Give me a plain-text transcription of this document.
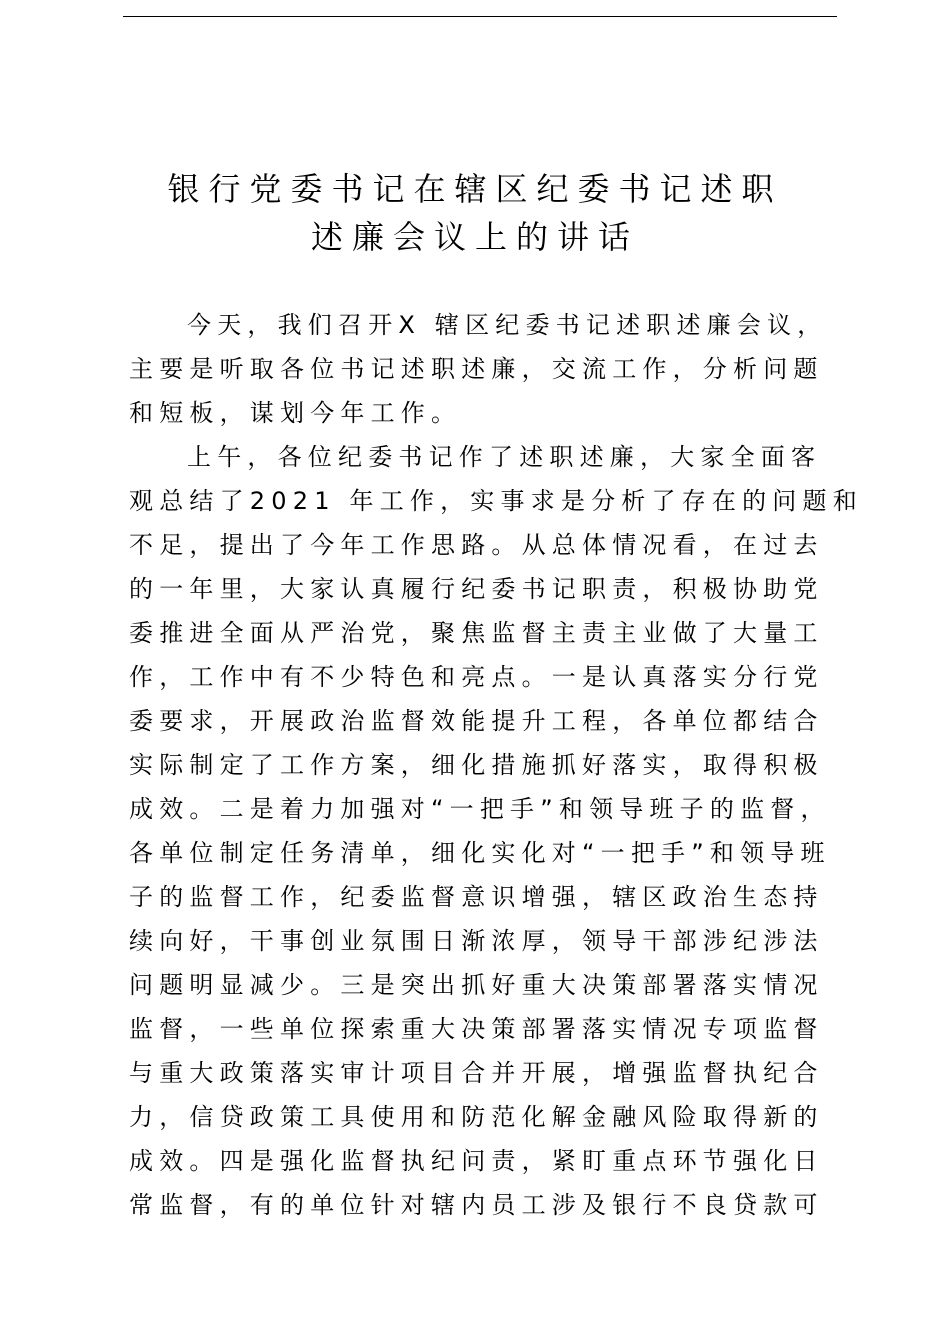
银行党委书记在辖区纪委书记述职
述廉会议上的讲话
今天，我们召开X 辖区纪委书记述职述廉会议，
主要是听取各位书记述职述廉，交流工作，分析问题
和短板，谋划今年工作。
上午，各位纪委书记作了述职述廉，大家全面客
观总结了2021 年工作，实事求是分析了存在的问题和
不足，提出了今年工作思路。从总体情况看，在过去
的一年里，大家认真履行纪委书记职责，积极协助党
委推进全面从严治党，聚焦监督主责主业做了大量工
作，工作中有不少特色和亮点。一是认真落实分行党
委要求，开展政治监督效能提升工程，各单位都结合
实际制定了工作方案，细化措施抓好落实，取得积极
成效。二是着力加强对“一把手”和领导班子的监督，
各单位制定任务清单，细化实化对“一把手”和领导班
子的监督工作，纪委监督意识增强，辖区政治生态持
续向好，干事创业氛围日渐浓厚，领导干部涉纪涉法
问题明显减少。三是突出抓好重大决策部署落实情况
监督，一些单位探索重大决策部署落实情况专项监督
与重大政策落实审计项目合并开展，增强监督执纪合
力，信贷政策工具使用和防范化解金融风险取得新的
成效。四是强化监督执纪问责，紧盯重点环节强化日
常监督，有的单位针对辖内员工涉及银行不良贷款可
